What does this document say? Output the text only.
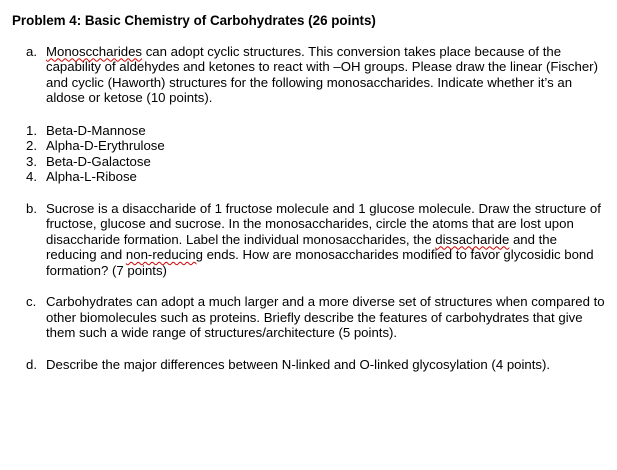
Problem 4: Basic Chemistry of Carbohydrates (26 points)
a. Monosccharides can adopt cyclic structures. This conversion takes place because of the capability of aldehydes and ketones to react with –OH groups. Please draw the linear (Fischer) and cyclic (Haworth) structures for the following monosaccharides. Indicate whether it’s an aldose or ketose (10 points).
1. Beta-D-Mannose
2. Alpha-D-Erythrulose
3. Beta-D-Galactose
4. Alpha-L-Ribose
b. Sucrose is a disaccharide of 1 fructose molecule and 1 glucose molecule. Draw the structure of fructose, glucose and sucrose. In the monosaccharides, circle the atoms that are lost upon disaccharide formation. Label the individual monosaccharides, the dissacharide and the reducing and non-reducing ends. How are monosaccharides modified to favor glycosidic bond formation? (7 points)
c. Carbohydrates can adopt a much larger and a more diverse set of structures when compared to other biomolecules such as proteins. Briefly describe the features of carbohydrates that give them such a wide range of structures/architecture (5 points).
d. Describe the major differences between N-linked and O-linked glycosylation (4 points).
